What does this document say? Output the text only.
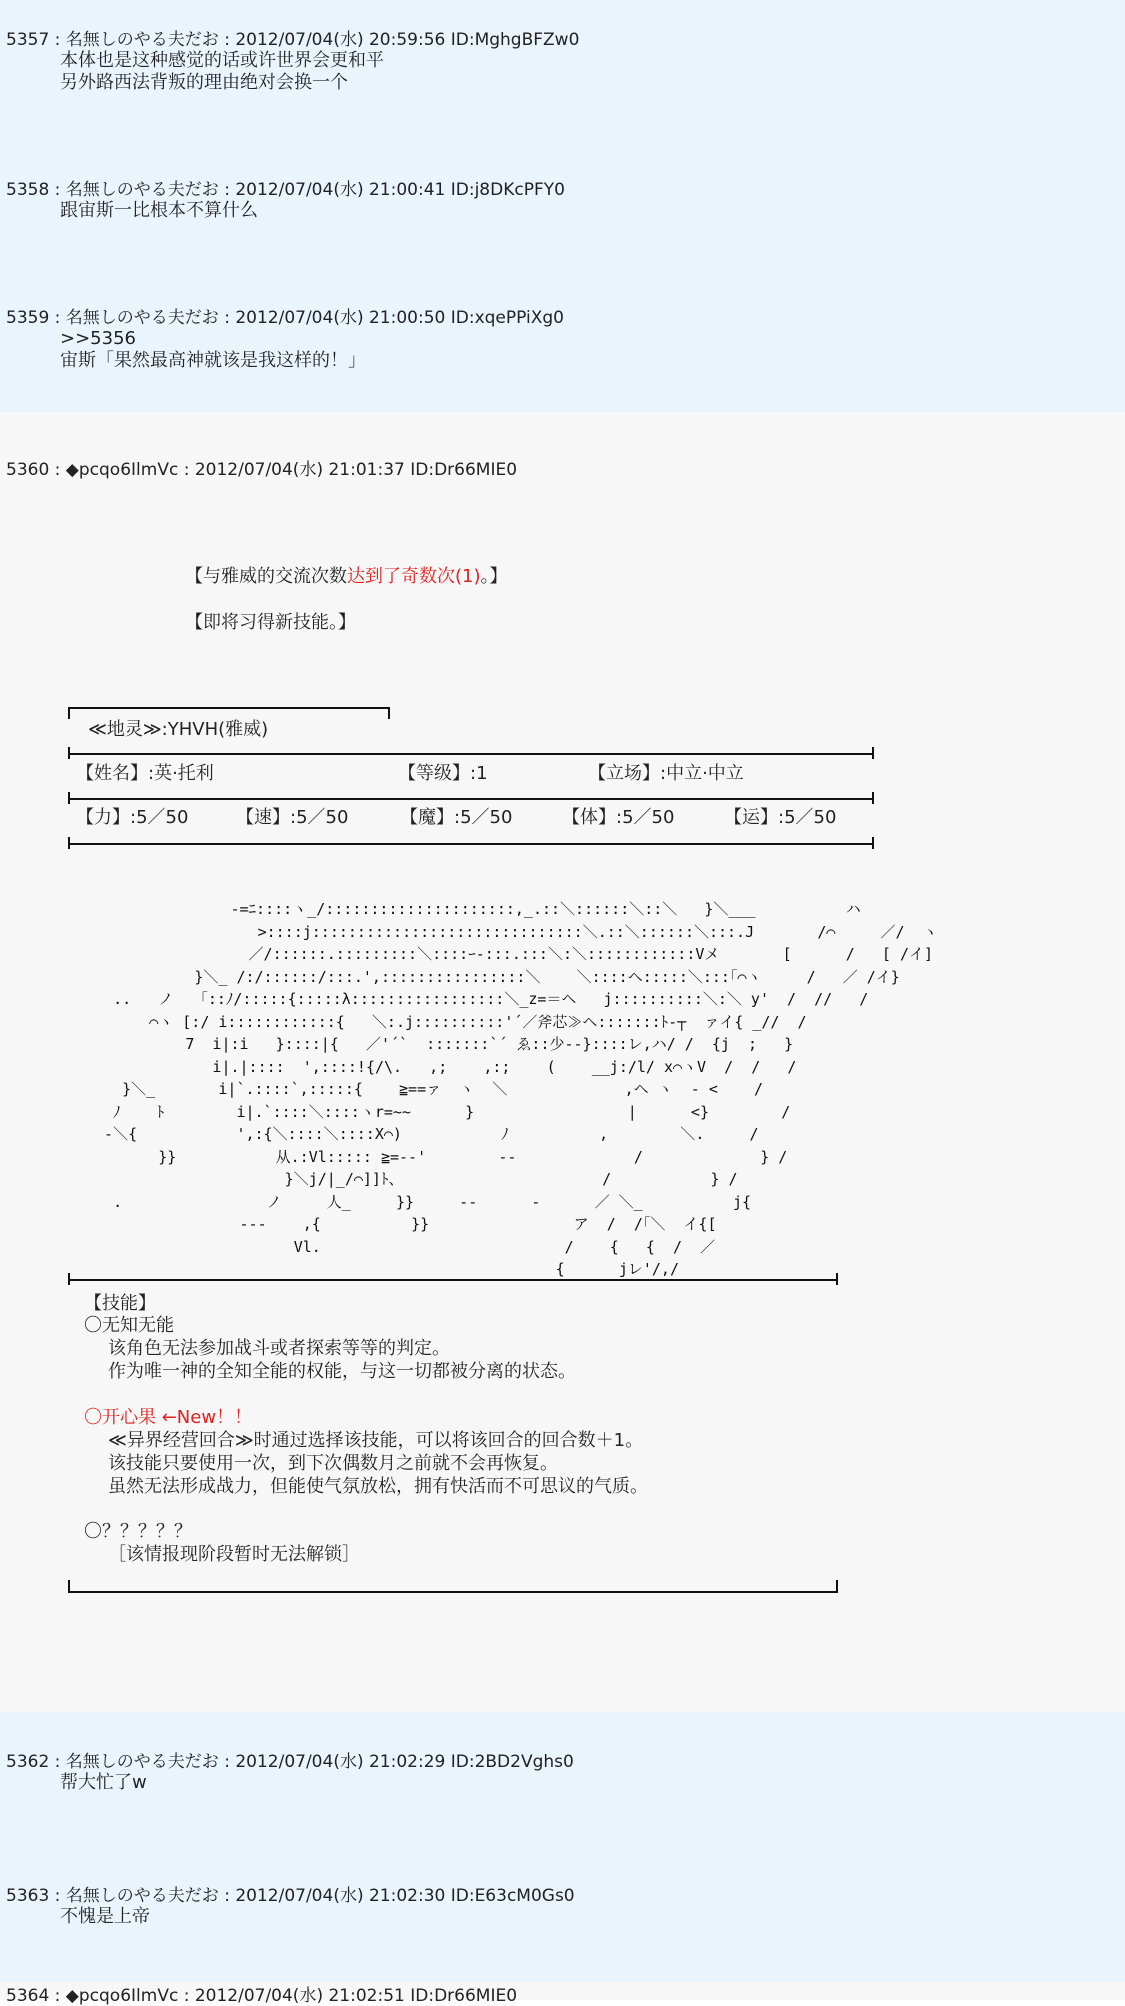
5357 : 名無しのやる夫だお : 2012/07/04(水) 20:59:56 ID:MghgBFZw0
本体也是这种感觉的话或许世界会更和平
另外路西法背叛的理由绝对会换一个
5358 : 名無しのやる夫だお : 2012/07/04(水) 21:00:41 ID:j8DKcPFY0
跟宙斯一比根本不算什么
5359 : 名無しのやる夫だお : 2012/07/04(水) 21:00:50 ID:xqePPiXg0
>>5356
宙斯「果然最高神就该是我这样的！」
5360 : ◆pcqo6IlmVc : 2012/07/04(水) 21:01:37 ID:Dr66MIE0
【与雅威的交流次数达到了奇数次(1)。】
【即将习得新技能。】
≪地灵≫:YHVH(雅威)
【姓名】:英·托利	【等级】:1	【立场】:中立·中立
【力】:5／50	【速】:5／50	【魔】:5／50	【体】:5／50	【运】:5／50
-=ﾆ::::ヽ_/:::::::::::::::::::::,_.::＼::::::＼::＼   }＼___          ハ
>::::j::::::::::::::::::::::::::::::＼.::＼::::::＼:::.J       /⌒     ／/  ヽ
／/::::::.:::::::::＼::::ｰ-:::.:::＼:＼::::::::::::Vメ       [      /   [ /イ]
}＼_ /:/::::::/:::.',::::::::::::::::＼    ＼::::ヘ:::::＼:::｢⌒ヽ     /   ／ /イ}
..   ノ   ｢::ﾉ/:::::{:::::λ:::::::::::::::::＼_z=＝ヘ   j::::::::::＼:＼ y'  /  //   /
⌒ヽ [:/ i::::::::::::{   ＼:.j::::::::::'´／斧芯≫ヘ:::::::ﾄ‐┬  ァイ{ _//  /
7  i|:i   }::::|{   ／'´`  :::::::`´ ゑ::少-‐}::::レ,ハ/ /  {j  ;   }
i|.|::::  ',::::!{/\.   ,;    ,:;    (    __j:/l/ x⌒ヽV  /  /   /
}＼_       i|`.::::`,:::::{    ≧==ァ  ヽ  ＼             ,ヘ ヽ  ‐ <    /
ﾉ    ﾄ        i|.`::::＼::::ヽr=~~      }                 |      <}        /
‐＼{           ',:{＼::::＼::::X⌒)           ﾉ          ,        ＼.     /
}}           从.:Vl::::: ≧=-‐'        ‐-             /             } /
}＼j/|_/⌒]]ﾄ、                      /           } /
.                ノ     人_     }}     ‐-      -      ／ ＼_          j{
‐-‐    ,{          }}                ア  /  /｢＼  イ{[
Vl.                           /    {   {  /  ／
{      jレ'/,/
【技能】
〇无知无能
该角色无法参加战斗或者探索等等的判定。
作为唯一神的全知全能的权能，与这一切都被分离的状态。
〇开心果 ←New！！
≪异界经营回合≫时通过选择该技能，可以将该回合的回合数＋1。
该技能只要使用一次，到下次偶数月之前就不会再恢复。
虽然无法形成战力，但能使气氛放松，拥有快活而不可思议的气质。
〇？？？？？
［该情报现阶段暂时无法解锁］
5362 : 名無しのやる夫だお : 2012/07/04(水) 21:02:29 ID:2BD2Vghs0
帮大忙了w
5363 : 名無しのやる夫だお : 2012/07/04(水) 21:02:30 ID:E63cM0Gs0
不愧是上帝
5364 : ◆pcqo6IlmVc : 2012/07/04(水) 21:02:51 ID:Dr66MIE0
